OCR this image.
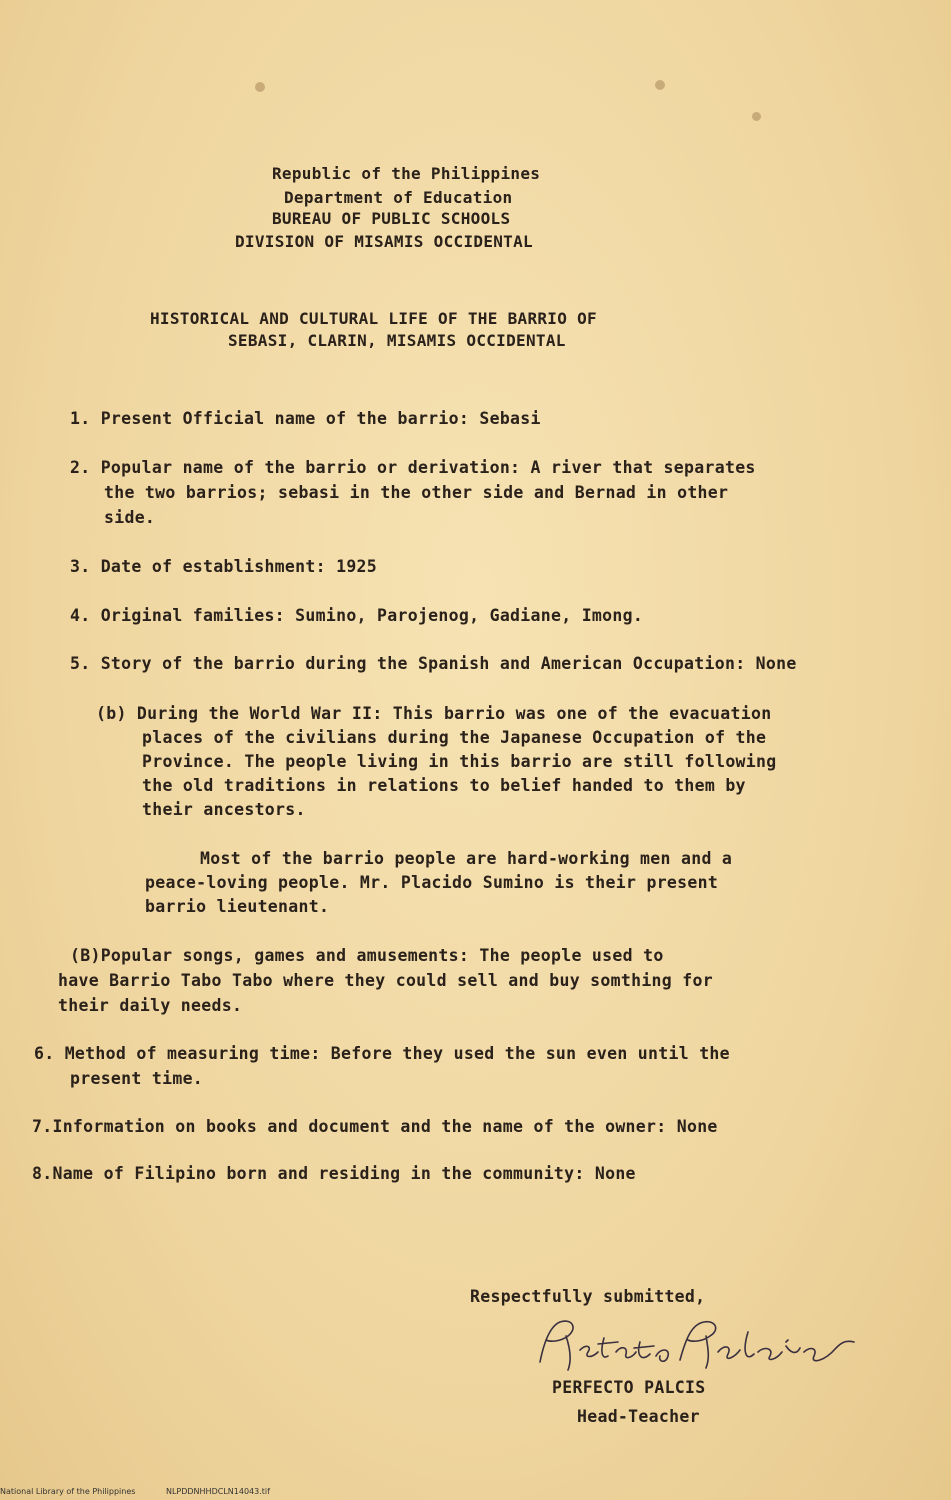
Republic of the Philippines
Department of Education
BUREAU OF PUBLIC SCHOOLS
DIVISION OF MISAMIS OCCIDENTAL
HISTORICAL AND CULTURAL LIFE OF THE BARRIO OF
SEBASI, CLARIN, MISAMIS OCCIDENTAL
1. Present Official name of the barrio: Sebasi
2. Popular name of the barrio or derivation: A river that separates
the two barrios; sebasi in the other side and Bernad in other
side.
3. Date of establishment: 1925
4. Original families: Sumino, Parojenog, Gadiane, Imong.
5. Story of the barrio during the Spanish and American Occupation: None
(b) During the World War II: This barrio was one of the evacuation
places of the civilians during the Japanese Occupation of the
Province. The people living in this barrio are still following
the old traditions in relations to belief handed to them by
their ancestors.
Most of the barrio people are hard-working men and a
peace-loving people. Mr. Placido Sumino is their present
barrio lieutenant.
(B)Popular songs, games and amusements: The people used to
have Barrio Tabo Tabo where they could sell and buy somthing for
their daily needs.
6. Method of measuring time: Before they used the sun even until the
present time.
7.Information on books and document and the name of the owner: None
8.Name of Filipino born and residing in the community: None
Respectfully submitted,
PERFECTO PALCIS
Head-Teacher
National Library of the Philippines	NLPDDNHHDCLN14043.tif
